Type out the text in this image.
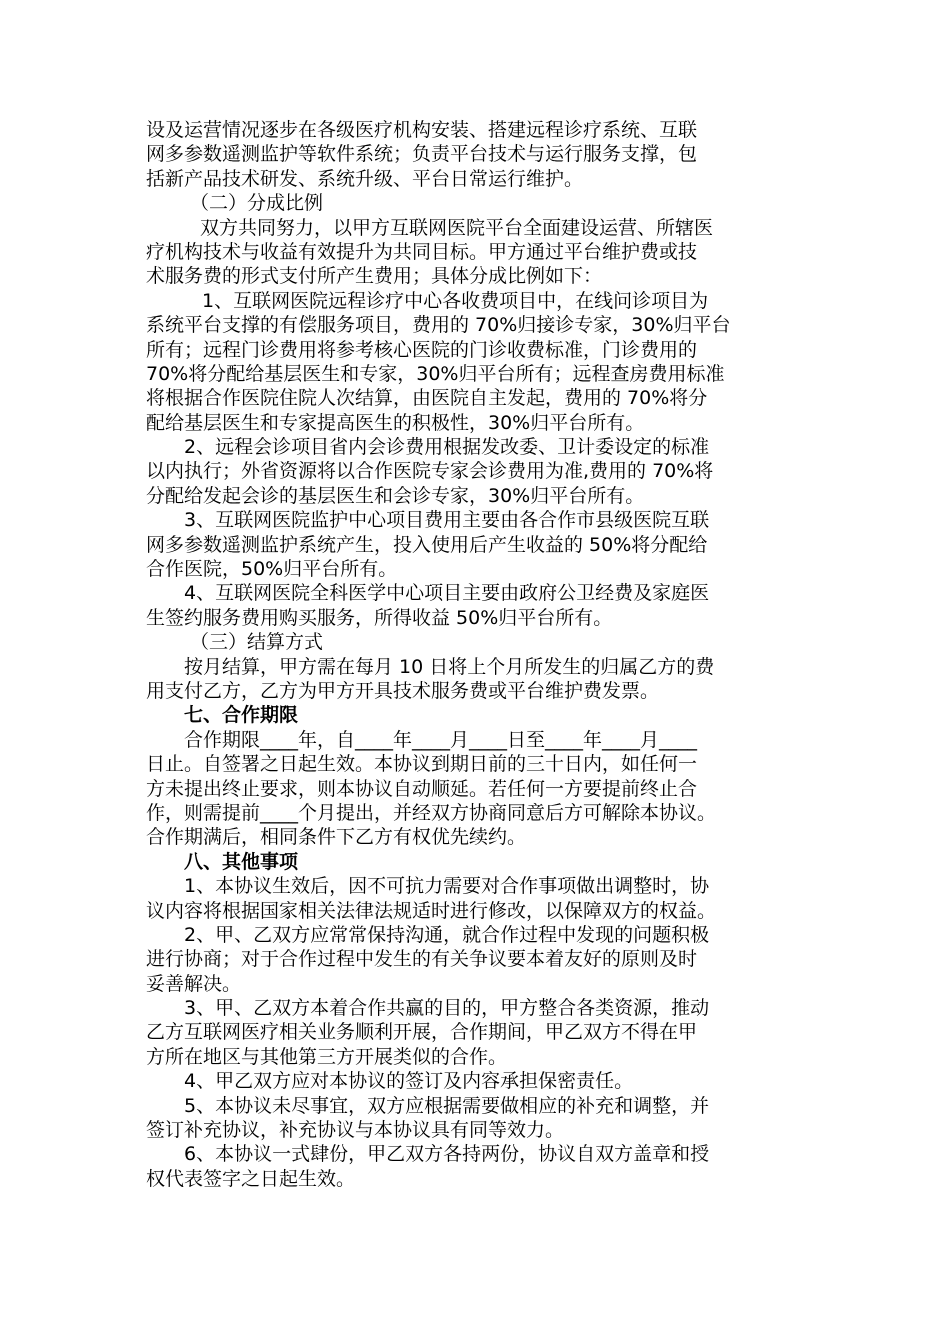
设及运营情况逐步在各级医疗机构安装、搭建远程诊疗系统、互联
网多参数遥测监护等软件系统；负责平台技术与运行服务支撑，包
括新产品技术研发、系统升级、平台日常运行维护。
（二）分成比例
双方共同努力，以甲方互联网医院平台全面建设运营、所辖医
疗机构技术与收益有效提升为共同目标。甲方通过平台维护费或技
术服务费的形式支付所产生费用；具体分成比例如下：
1、互联网医院远程诊疗中心各收费项目中，在线问诊项目为
系统平台支撑的有偿服务项目，费用的 70%归接诊专家，30%归平台
所有；远程门诊费用将参考核心医院的门诊收费标准，门诊费用的
70%将分配给基层医生和专家，30%归平台所有；远程查房费用标准
将根据合作医院住院人次结算，由医院自主发起，费用的 70%将分
配给基层医生和专家提高医生的积极性，30%归平台所有。
2、远程会诊项目省内会诊费用根据发改委、卫计委设定的标准
以内执行；外省资源将以合作医院专家会诊费用为准,费用的 70%将
分配给发起会诊的基层医生和会诊专家，30%归平台所有。
3、互联网医院监护中心项目费用主要由各合作市县级医院互联
网多参数遥测监护系统产生，投入使用后产生收益的 50%将分配给
合作医院，50%归平台所有。
4、互联网医院全科医学中心项目主要由政府公卫经费及家庭医
生签约服务费用购买服务，所得收益 50%归平台所有。
（三）结算方式
按月结算，甲方需在每月 10 日将上个月所发生的归属乙方的费
用支付乙方，乙方为甲方开具技术服务费或平台维护费发票。
七、合作期限
合作期限____年，自____年____月____日至____年____月____
日止。自签署之日起生效。本协议到期日前的三十日内，如任何一
方未提出终止要求，则本协议自动顺延。若任何一方要提前终止合
作，则需提前____个月提出，并经双方协商同意后方可解除本协议。
合作期满后，相同条件下乙方有权优先续约。
八、其他事项
1、本协议生效后，因不可抗力需要对合作事项做出调整时，协
议内容将根据国家相关法律法规适时进行修改，以保障双方的权益。
2、甲、乙双方应常常保持沟通，就合作过程中发现的问题积极
进行协商；对于合作过程中发生的有关争议要本着友好的原则及时
妥善解决。
3、甲、乙双方本着合作共赢的目的，甲方整合各类资源，推动
乙方互联网医疗相关业务顺利开展，合作期间，甲乙双方不得在甲
方所在地区与其他第三方开展类似的合作。
4、甲乙双方应对本协议的签订及内容承担保密责任。
5、本协议未尽事宜，双方应根据需要做相应的补充和调整，并
签订补充协议，补充协议与本协议具有同等效力。
6、本协议一式肆份，甲乙双方各持两份，协议自双方盖章和授
权代表签字之日起生效。
